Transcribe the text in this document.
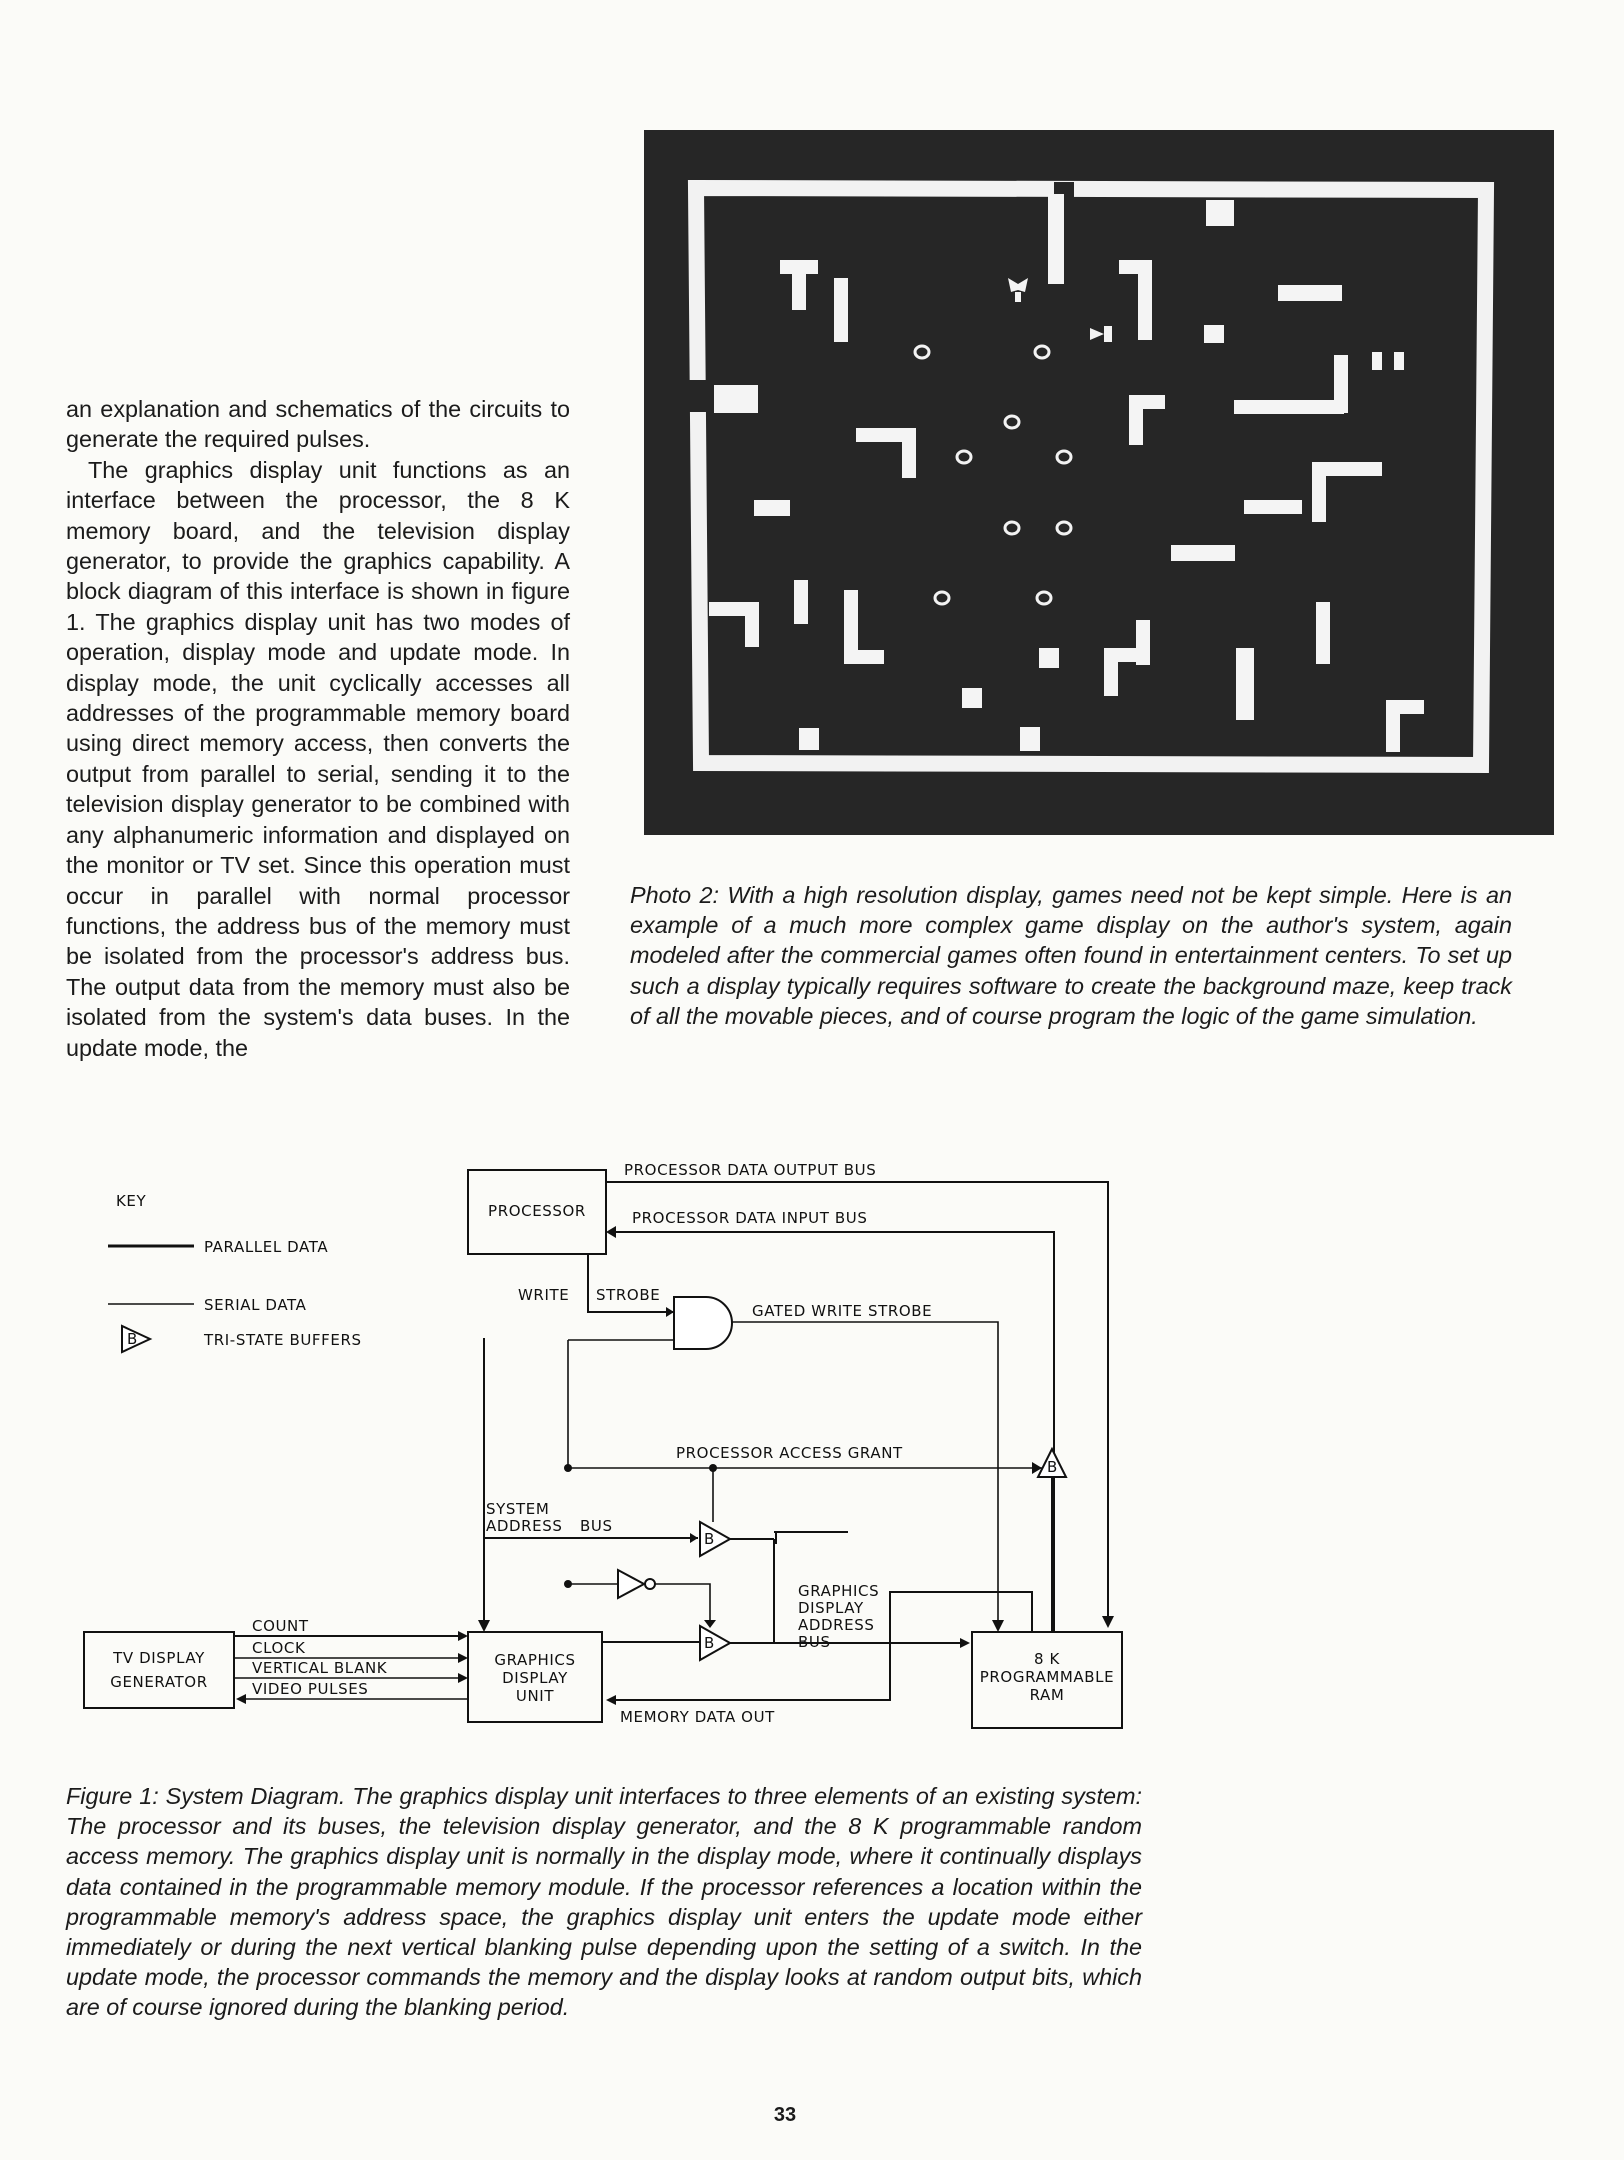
an explanation and schematics of the circuits to generate the required pulses.

The graphics display unit functions as an interface between the processor, the 8 K memory board, and the television display generator, to provide the graphics capability. A block diagram of this interface is shown in figure 1. The graphics display unit has two modes of operation, display mode and update mode. In display mode, the unit cyclically accesses all addresses of the programmable memory board using direct memory access, then converts the output from parallel to serial, sending it to the television display generator to be combined with any alphanumeric information and displayed on the monitor or TV set. Since this operation must occur in parallel with normal processor functions, the address bus of the memory must be isolated from the processor's address bus. The output data from the memory must also be isolated from the system's data buses. In the update mode, the

Photo 2: With a high resolution display, games need not be kept simple. Here is an example of a much more complex game display on the author's system, again modeled after the commercial games often found in entertainment centers. To set up such a display typically requires software to create the background maze, keep track of all the movable pieces, and of course program the logic of the game simulation.
B
B
B
B
KEY
PARALLEL DATA
SERIAL DATA
TRI-STATE BUFFERS
PROCESSOR
TV DISPLAY
GENERATOR
GRAPHICS
DISPLAY
UNIT
8 K
PROGRAMMABLE
RAM
PROCESSOR DATA OUTPUT BUS
PROCESSOR DATA INPUT BUS
WRITE STROBE
GATED WRITE STROBE
PROCESSOR ACCESS GRANT
SYSTEM
ADDRESS BUS
GRAPHICS
DISPLAY
ADDRESS
BUS
COUNT
CLOCK
VERTICAL BLANK
VIDEO PULSES
MEMORY DATA OUT
Figure 1: System Diagram. The graphics display unit interfaces to three elements of an existing system: The processor and its buses, the television display generator, and the 8 K programmable random access memory. The graphics display unit is normally in the display mode, where it continually displays data contained in the programmable memory module. If the processor references a location within the programmable memory's address space, the graphics display unit enters the update mode either immediately or during the next vertical blanking pulse depending upon the setting of a switch. In the update mode, the processor commands the memory and the display looks at random output bits, which are of course ignored during the blanking period.
33
